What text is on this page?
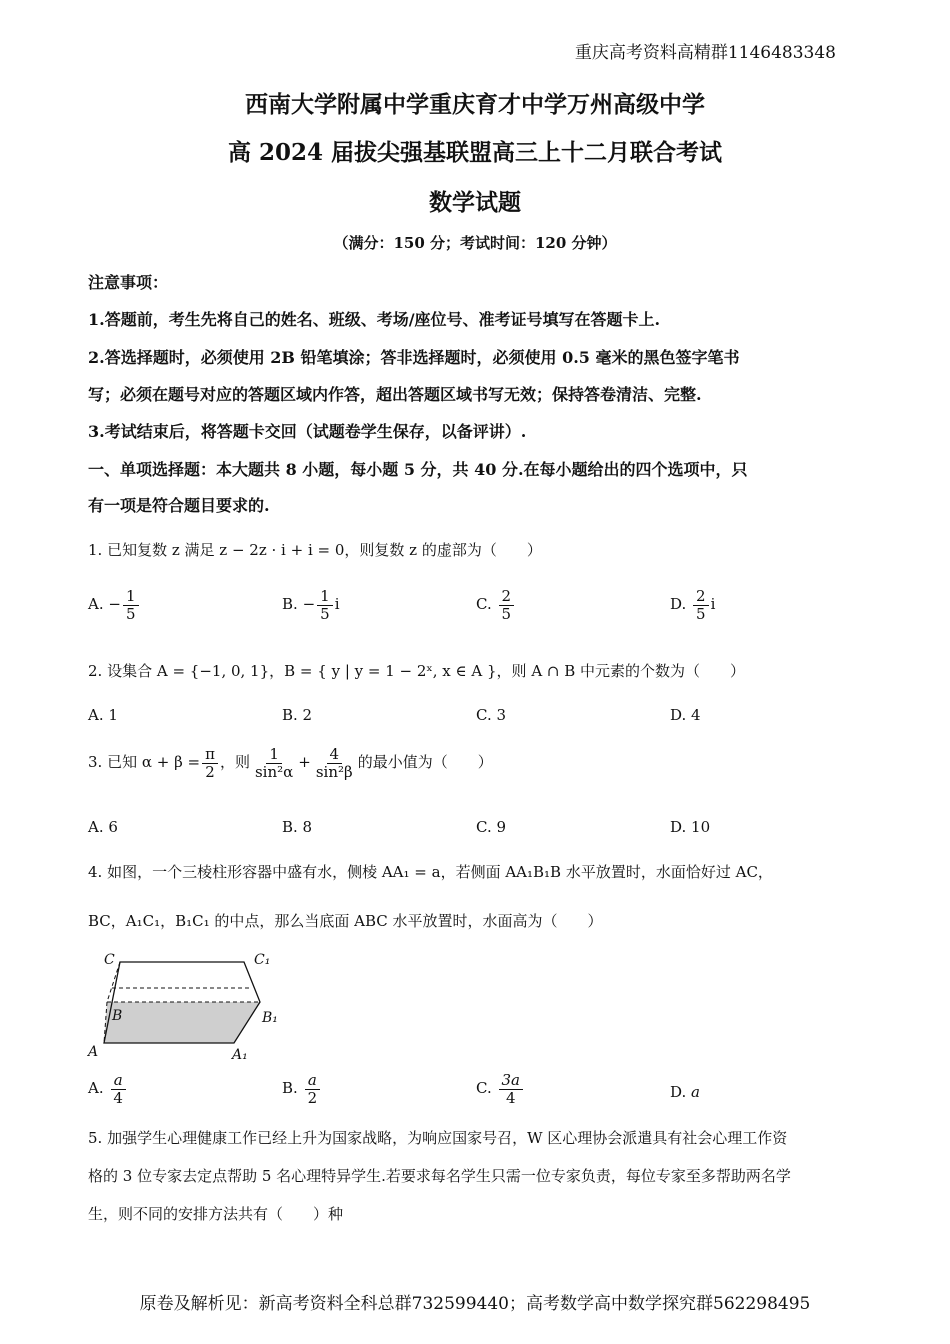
重庆高考资料高精群1146483348
西南大学附属中学重庆育才中学万州高级中学
高 2024 届拔尖强基联盟高三上十二月联合考试
数学试题
（满分：150 分；考试时间：120 分钟）
注意事项：
1.答题前，考生先将自己的姓名、班级、考场/座位号、准考证号填写在答题卡上.
2.答选择题时，必须使用 2B 铅笔填涂；答非选择题时，必须使用 0.5 毫米的黑色签字笔书
写；必须在题号对应的答题区域内作答，超出答题区域书写无效；保持答卷清洁、完整.
3.考试结束后，将答题卡交回（试题卷学生保存，以备评讲）.
一、单项选择题：本大题共 8 小题，每小题 5 分，共 40 分.在每小题给出的四个选项中，只
有一项是符合题目要求的.
1. 已知复数 z 满足 z − 2z · i + i = 0，则复数 z 的虚部为（　　）
A. − $\frac{1}{5}$	B. − $\frac{1}{5}$ i	C. $\frac{2}{5}$	D. $\frac{2}{5}$ i
2. 设集合 A = {−1, 0, 1}，B = { y | y = 1 − 2ˣ, x ∈ A }，则 A ∩ B 中元素的个数为（　　）
A. 1	B. 2	C. 3	D. 4
3. 已知 $\alpha + \beta = \frac{\pi}{2}$ ，则 $\frac{1}{\text{sin²α}} + \frac{4}{\text{sin²β}}$ 的最小值为（　　）
A. 6	B. 8	C. 9	D. 10
4. 如图，一个三棱柱形容器中盛有水，侧棱 AA₁ = a，若侧面 AA₁B₁B 水平放置时，水面恰好过 AC，
BC，A₁C₁，B₁C₁ 的中点，那么当底面 ABC 水平放置时，水面高为（　　）
C	C₁
B	B₁
A	A₁
A. $\frac{a}{4}$	B. $\frac{a}{2}$	C. $\frac{3a}{4}$	D. a
5. 加强学生心理健康工作已经上升为国家战略，为响应国家号召，W 区心理协会派遣具有社会心理工作资
格的 3 位专家去定点帮助 5 名心理特异学生.若要求每名学生只需一位专家负责，每位专家至多帮助两名学
生，则不同的安排方法共有（　　）种
原卷及解析见：新高考资料全科总群732599440；高考数学高中数学探究群562298495
